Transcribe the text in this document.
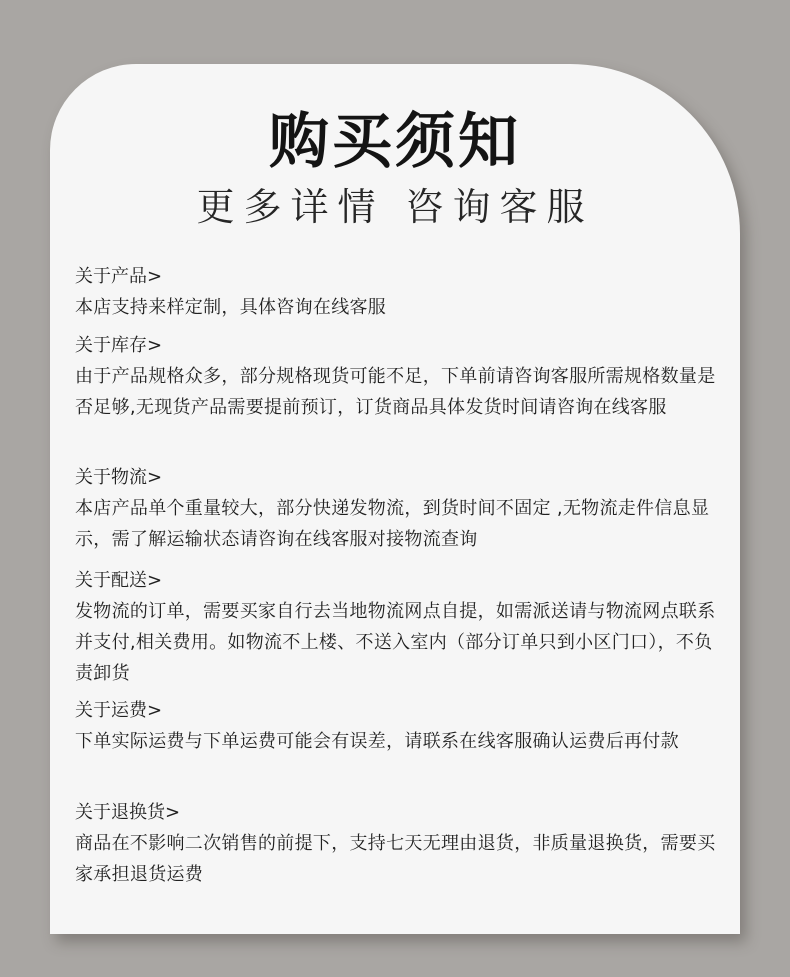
购买须知
更多详情 咨询客服
关于产品>
本店支持来样定制，具体咨询在线客服
关于库存>
由于产品规格众多，部分规格现货可能不足，下单前请咨询客服所需规格数量是否足够,无现货产品需要提前预订，订货商品具体发货时间请咨询在线客服
关于物流>
本店产品单个重量较大，部分快递发物流，到货时间不固定 ,无物流走件信息显示，需了解运输状态请咨询在线客服对接物流查询
关于配送>
发物流的订单，需要买家自行去当地物流网点自提，如需派送请与物流网点联系并支付,相关费用。如物流不上楼、不送入室内（部分订单只到小区门口），不负责卸货
关于运费>
下单实际运费与下单运费可能会有误差，请联系在线客服确认运费后再付款
关于退换货>
商品在不影响二次销售的前提下，支持七天无理由退货，非质量退换货，需要买家承担退货运费
